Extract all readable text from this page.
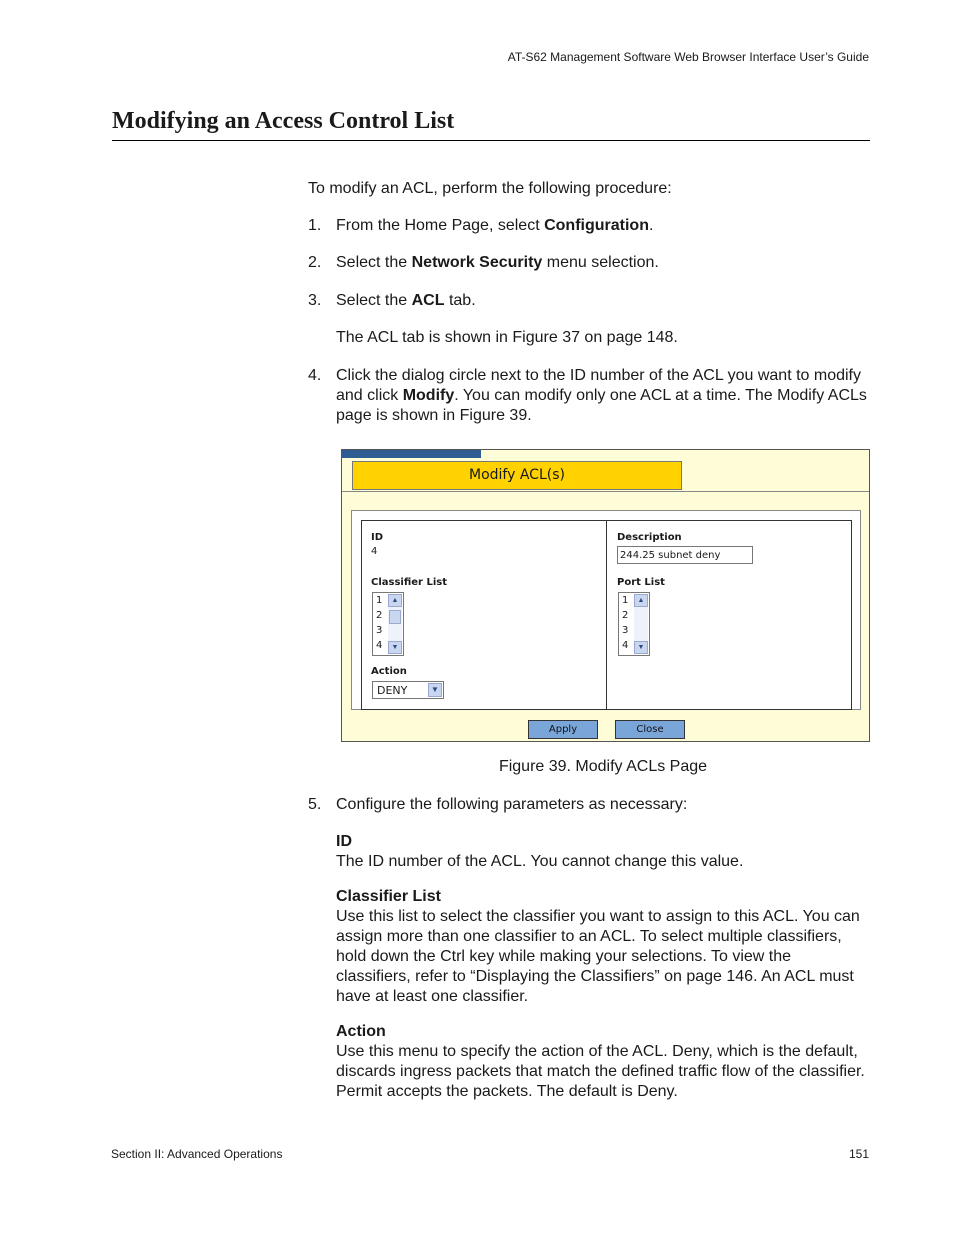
AT-S62 Management Software Web Browser Interface User’s Guide
Modifying an Access Control List
To modify an ACL, perform the following procedure:
1. From the Home Page, select Configuration.
2. Select the Network Security menu selection.
3. Select the ACL tab.
The ACL tab is shown in Figure 37 on page 148.
4. Click the dialog circle next to the ID number of the ACL you want to modify and click Modify. You can modify only one ACL at a time. The Modify ACLs page is shown in Figure 39.
Modify ACL(s)
ID
4
Classifier List
1
2
3
4
▲
▼
Action
DENY	▼
Description
244.25 subnet deny
Port List
1
2
3
4
▲
▼
Apply	Close
Figure 39. Modify ACLs Page
5. Configure the following parameters as necessary:
ID
The ID number of the ACL. You cannot change this value.
Classifier List
Use this list to select the classifier you want to assign to this ACL. You can assign more than one classifier to an ACL. To select multiple classifiers, hold down the Ctrl key while making your selections. To view the classifiers, refer to “Displaying the Classifiers” on page 146. An ACL must have at least one classifier.
Action
Use this menu to specify the action of the ACL. Deny, which is the default, discards ingress packets that match the defined traffic flow of the classifier. Permit accepts the packets. The default is Deny.
Section II: Advanced Operations	151
